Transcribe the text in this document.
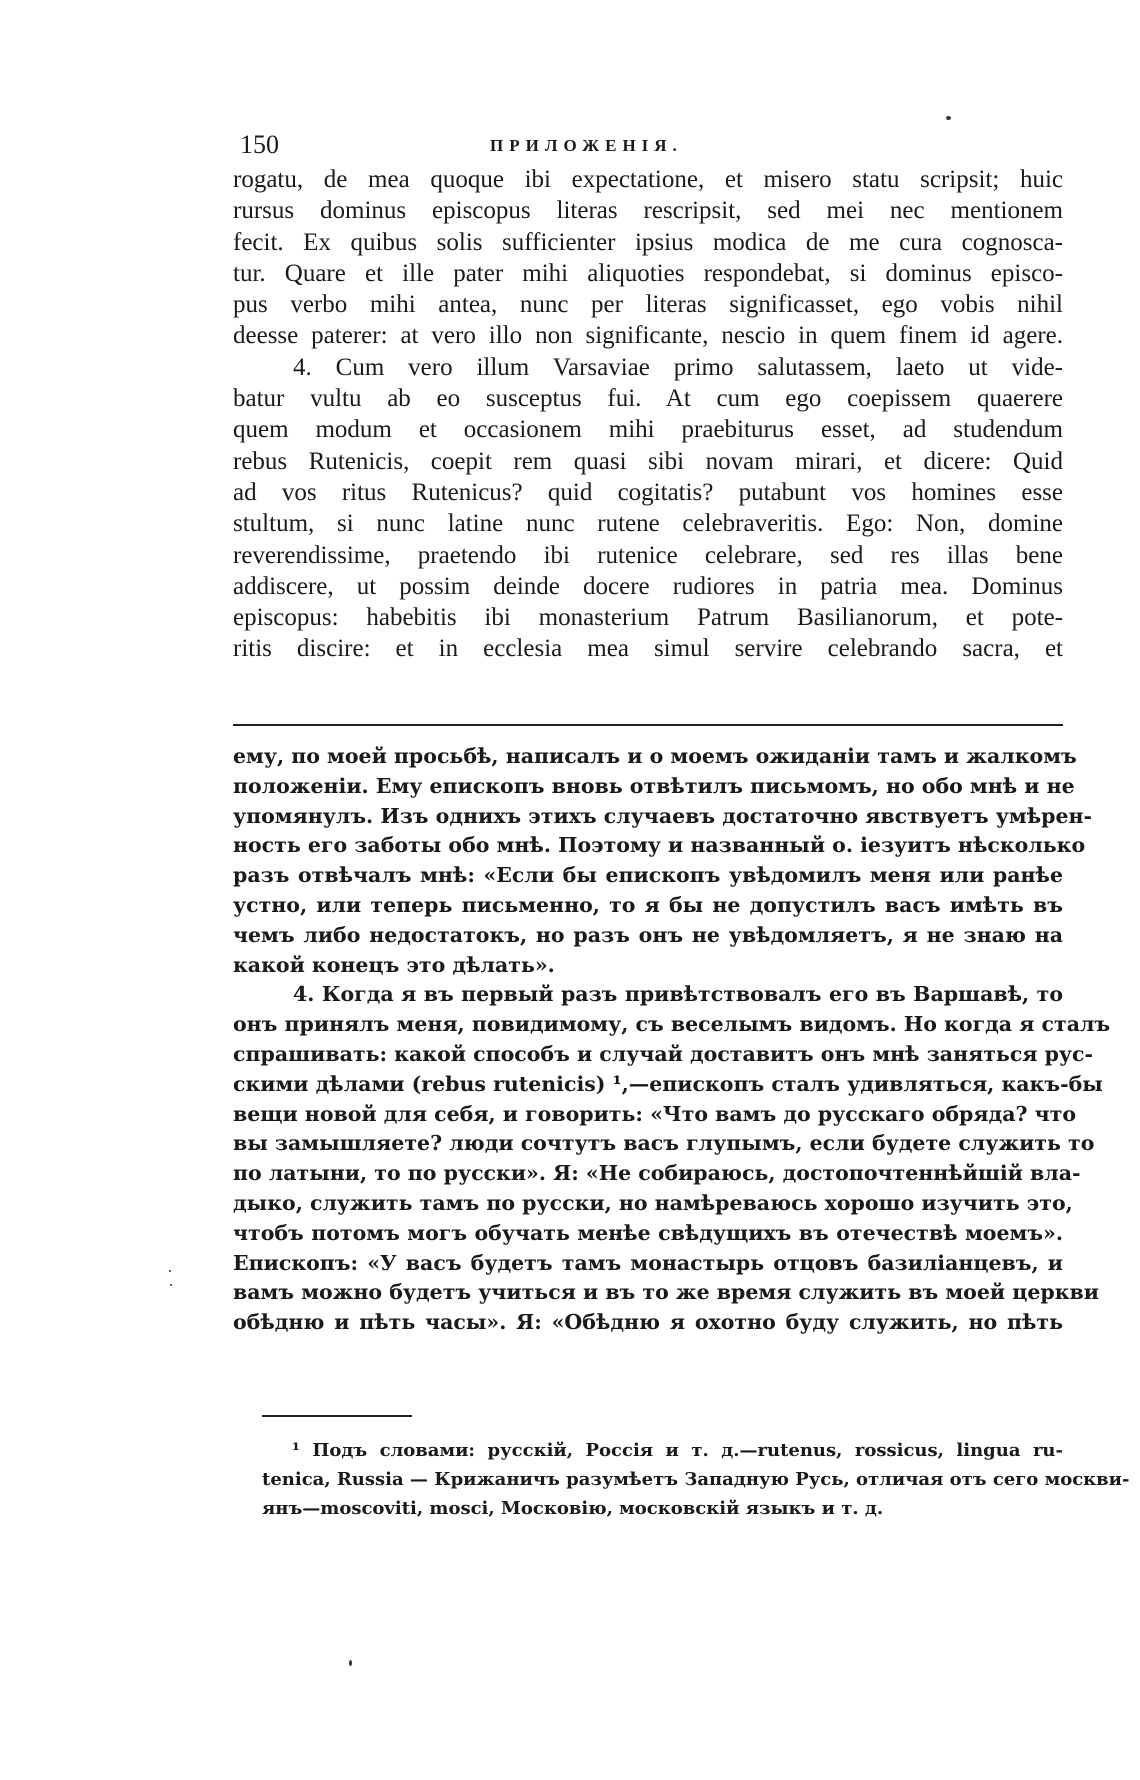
150	ПРИЛОЖЕНІЯ.
rogatu, de mea quoque ibi expectatione, et misero statu scripsit; huic
rursus dominus episcopus literas rescripsit, sed mei nec mentionem
fecit. Ex quibus solis sufficienter ipsius modica de me cura cognosca-
tur. Quare et ille pater mihi aliquoties respondebat, si dominus episco-
pus verbo mihi antea, nunc per literas significasset, ego vobis nihil
deesse paterer: at vero illo non significante, nescio in quem finem id agere.
4. Cum vero illum Varsaviae primo salutassem, laeto ut vide-
batur vultu ab eo susceptus fui. At cum ego coepissem quaerere
quem modum et occasionem mihi praebiturus esset, ad studendum
rebus Rutenicis, coepit rem quasi sibi novam mirari, et dicere: Quid
ad vos ritus Rutenicus? quid cogitatis? putabunt vos homines esse
stultum, si nunc latine nunc rutene celebraveritis. Ego: Non, domine
reverendissime, praetendo ibi rutenice celebrare, sed res illas bene
addiscere, ut possim deinde docere rudiores in patria mea. Dominus
episcopus: habebitis ibi monasterium Patrum Basilianorum, et pote-
ritis discire: et in ecclesia mea simul servire celebrando sacra, et
ему, по моей просьбѣ, написалъ и о моемъ ожиданіи тамъ и жалкомъ
положеніи. Ему епископъ вновь отвѣтилъ письмомъ, но обо мнѣ и не
упомянулъ. Изъ однихъ этихъ случаевъ достаточно явствуетъ умѣрен-
ность его заботы обо мнѣ. Поэтому и названный о. іезуитъ нѣсколько
разъ отвѣчалъ мнѣ: «Если бы епископъ увѣдомилъ меня или ранѣе
устно, или теперь письменно, то я бы не допустилъ васъ имѣть въ
чемъ либо недостатокъ, но разъ онъ не увѣдомляетъ, я не знаю на
какой конецъ это дѣлать».
4. Когда я въ первый разъ привѣтствовалъ его въ Варшавѣ, то
онъ принялъ меня, повидимому, съ веселымъ видомъ. Но когда я сталъ
спрашивать: какой способъ и случай доставитъ онъ мнѣ заняться рус-
скими дѣлами (rebus rutenicis) ¹,—епископъ сталъ удивляться, какъ-бы
вещи новой для себя, и говорить: «Что вамъ до русскаго обряда? что
вы замышляете? люди сочтутъ васъ глупымъ, если будете служить то
по латыни, то по русски». Я: «Не собираюсь, достопочтеннѣйшій вла-
дыко, служить тамъ по русски, но намѣреваюсь хорошо изучить это,
чтобъ потомъ могъ обучать менѣе свѣдущихъ въ отечествѣ моемъ».
Епископъ: «У васъ будетъ тамъ монастырь отцовъ базиліанцевъ, и
вамъ можно будетъ учиться и въ то же время служить въ моей церкви
обѣдню и пѣть часы». Я: «Обѣдню я охотно буду служить, но пѣть
¹ Подъ словами: русскій, Россія и т. д.—rutenus, rossicus, lingua ru-
tenica, Russia — Крижаничъ разумѣетъ Западную Русь, отличая отъ сего москви-
янъ—moscoviti, mosci, Московію, московскій языкъ и т. д.
